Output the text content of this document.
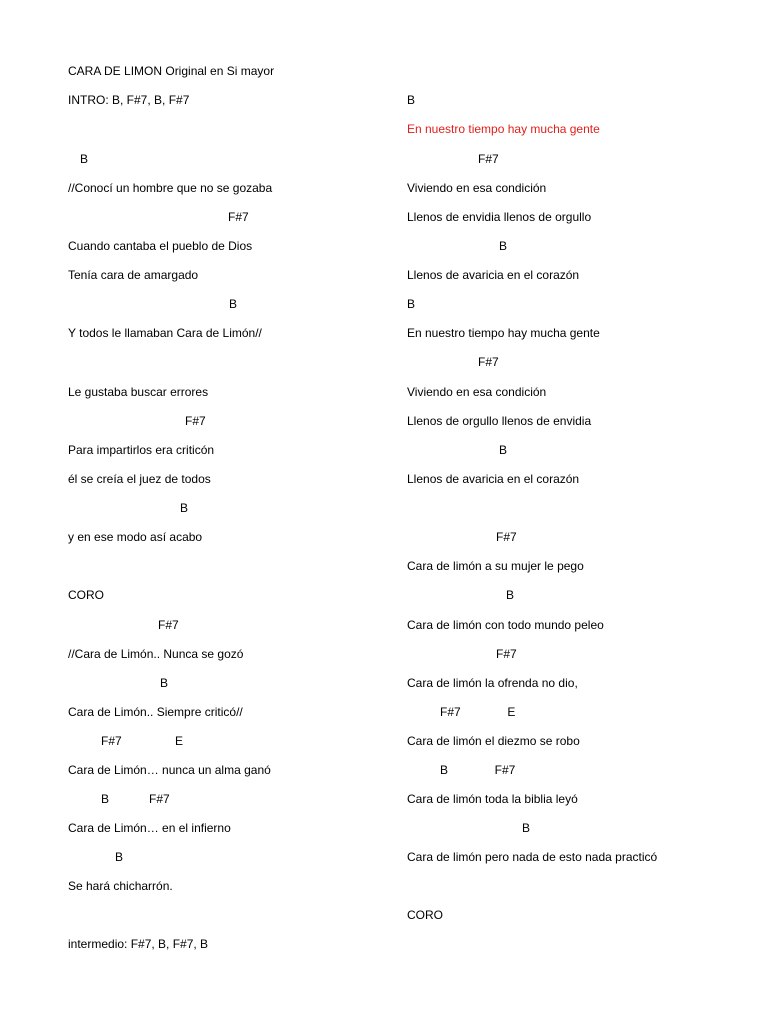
CARA DE LIMON Original en Si mayor
INTRO: B, F#7, B, F#7
B
//Conocí un hombre que no se gozaba
F#7
Cuando cantaba el pueblo de Dios
Tenía cara de amargado
B
Y todos le llamaban Cara de Limón//
Le gustaba buscar errores
F#7
Para impartirlos era criticón
él se creía el juez de todos
B
y en ese modo así acabo
CORO
F#7
//Cara de Limón.. Nunca se gozó
B
Cara de Limón.. Siempre criticó//
F#7                E
Cara de Limón… nunca un alma ganó
B            F#7
Cara de Limón… en el infierno
B
Se hará chicharrón.
intermedio: F#7, B, F#7, B
B
En nuestro tiempo hay mucha gente
F#7
Viviendo en esa condición
Llenos de envidia llenos de orgullo
B
Llenos de avaricia en el corazón
B
En nuestro tiempo hay mucha gente
F#7
Viviendo en esa condición
Llenos de orgullo llenos de envidia
B
Llenos de avaricia en el corazón
F#7
Cara de limón a su mujer le pego
B
Cara de limón con todo mundo peleo
F#7
Cara de limón la ofrenda no dio,
F#7              E
Cara de limón el diezmo se robo
B              F#7
Cara de limón toda la biblia leyó
B
Cara de limón pero nada de esto nada practicó
CORO
